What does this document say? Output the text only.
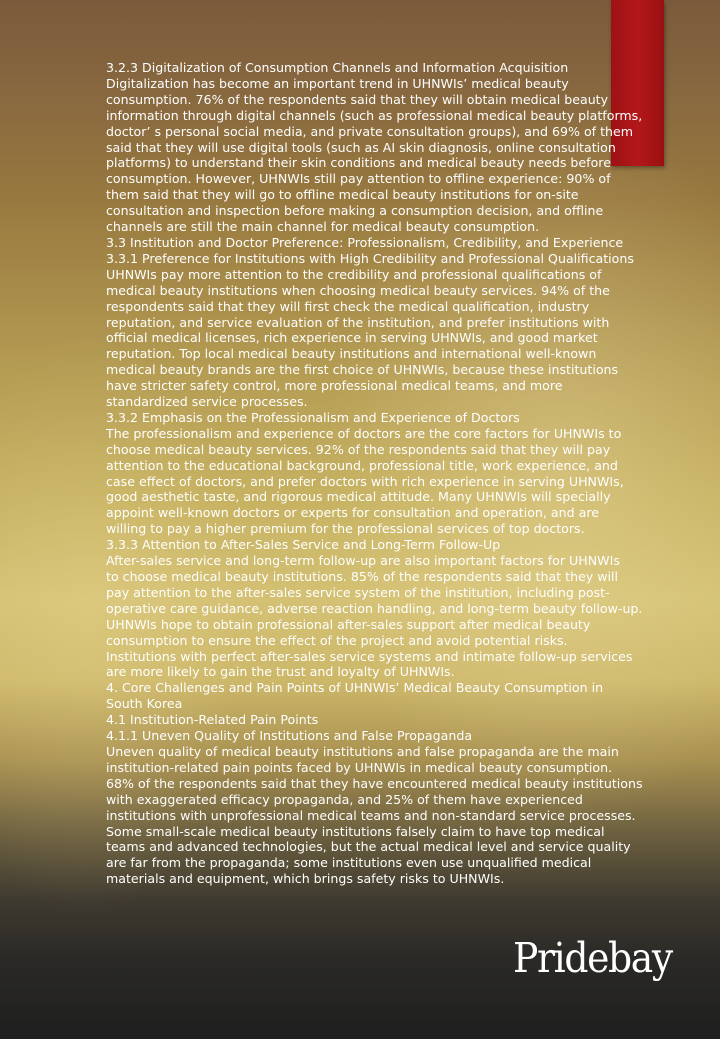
3.2.3 Digitalization of Consumption Channels and Information Acquisition
Digitalization has become an important trend in UHNWIs’ medical beauty
consumption. 76% of the respondents said that they will obtain medical beauty
information through digital channels (such as professional medical beauty platforms,
doctor’ s personal social media, and private consultation groups), and 69% of them
said that they will use digital tools (such as AI skin diagnosis, online consultation
platforms) to understand their skin conditions and medical beauty needs before
consumption. However, UHNWIs still pay attention to offline experience: 90% of
them said that they will go to offline medical beauty institutions for on-site
consultation and inspection before making a consumption decision, and offline
channels are still the main channel for medical beauty consumption.
3.3 Institution and Doctor Preference: Professionalism, Credibility, and Experience
3.3.1 Preference for Institutions with High Credibility and Professional Qualifications
UHNWIs pay more attention to the credibility and professional qualifications of
medical beauty institutions when choosing medical beauty services. 94% of the
respondents said that they will first check the medical qualification, industry
reputation, and service evaluation of the institution, and prefer institutions with
official medical licenses, rich experience in serving UHNWIs, and good market
reputation. Top local medical beauty institutions and international well-known
medical beauty brands are the first choice of UHNWIs, because these institutions
have stricter safety control, more professional medical teams, and more
standardized service processes.
3.3.2 Emphasis on the Professionalism and Experience of Doctors
The professionalism and experience of doctors are the core factors for UHNWIs to
choose medical beauty services. 92% of the respondents said that they will pay
attention to the educational background, professional title, work experience, and
case effect of doctors, and prefer doctors with rich experience in serving UHNWIs,
good aesthetic taste, and rigorous medical attitude. Many UHNWIs will specially
appoint well-known doctors or experts for consultation and operation, and are
willing to pay a higher premium for the professional services of top doctors.
3.3.3 Attention to After-Sales Service and Long-Term Follow-Up
After-sales service and long-term follow-up are also important factors for UHNWIs
to choose medical beauty institutions. 85% of the respondents said that they will
pay attention to the after-sales service system of the institution, including post-
operative care guidance, adverse reaction handling, and long-term beauty follow-up.
UHNWIs hope to obtain professional after-sales support after medical beauty
consumption to ensure the effect of the project and avoid potential risks.
Institutions with perfect after-sales service systems and intimate follow-up services
are more likely to gain the trust and loyalty of UHNWIs.
4. Core Challenges and Pain Points of UHNWIs’ Medical Beauty Consumption in
South Korea
4.1 Institution-Related Pain Points
4.1.1 Uneven Quality of Institutions and False Propaganda
Uneven quality of medical beauty institutions and false propaganda are the main
institution-related pain points faced by UHNWIs in medical beauty consumption.
68% of the respondents said that they have encountered medical beauty institutions
with exaggerated efficacy propaganda, and 25% of them have experienced
institutions with unprofessional medical teams and non-standard service processes.
Some small-scale medical beauty institutions falsely claim to have top medical
teams and advanced technologies, but the actual medical level and service quality
are far from the propaganda; some institutions even use unqualified medical
materials and equipment, which brings safety risks to UHNWIs.
Pridebay
